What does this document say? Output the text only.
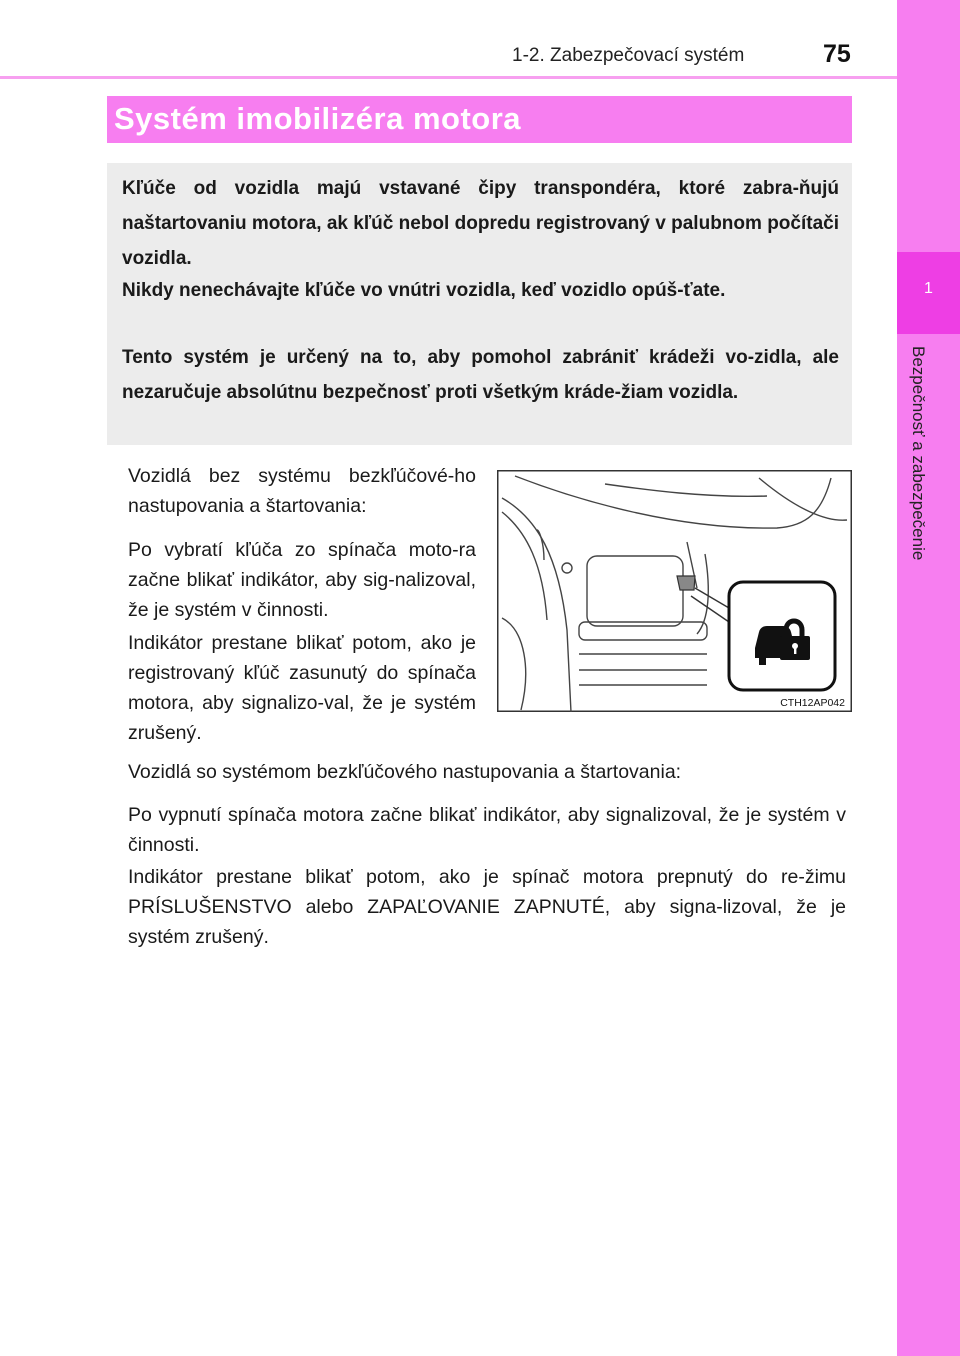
1-2. Zabezpečovací systém	75
1
Bezpečnosť a zabezpečenie
Systém imobilizéra motora
Kľúče od vozidla majú vstavané čipy transpondéra, ktoré zabra-ňujú naštartovaniu motora, ak kľúč nebol dopredu registrovaný v palubnom počítači vozidla.
Nikdy nenechávajte kľúče vo vnútri vozidla, keď vozidlo opúš-ťate.
Tento systém je určený na to, aby pomohol zabrániť krádeži vo-zidla, ale nezaručuje absolútnu bezpečnosť proti všetkým kráde-žiam vozidla.
Vozidlá bez systému bezkľúčové-ho nastupovania a štartovania:
Po vybratí kľúča zo spínača moto-ra začne blikať indikátor, aby sig-nalizoval, že je systém v činnosti.
Indikátor prestane blikať potom, ako je registrovaný kľúč zasunutý do spínača motora, aby signalizo-val, že je systém zrušený.
Vozidlá so systémom bezkľúčového nastupovania a štartovania:
Po vypnutí spínača motora začne blikať indikátor, aby signalizoval, že je systém v činnosti.
Indikátor prestane blikať potom, ako je spínač motora prepnutý do re-žimu PRÍSLUŠENSTVO alebo ZAPAĽOVANIE ZAPNUTÉ, aby signa-lizoval, že je systém zrušený.
CTH12AP042
